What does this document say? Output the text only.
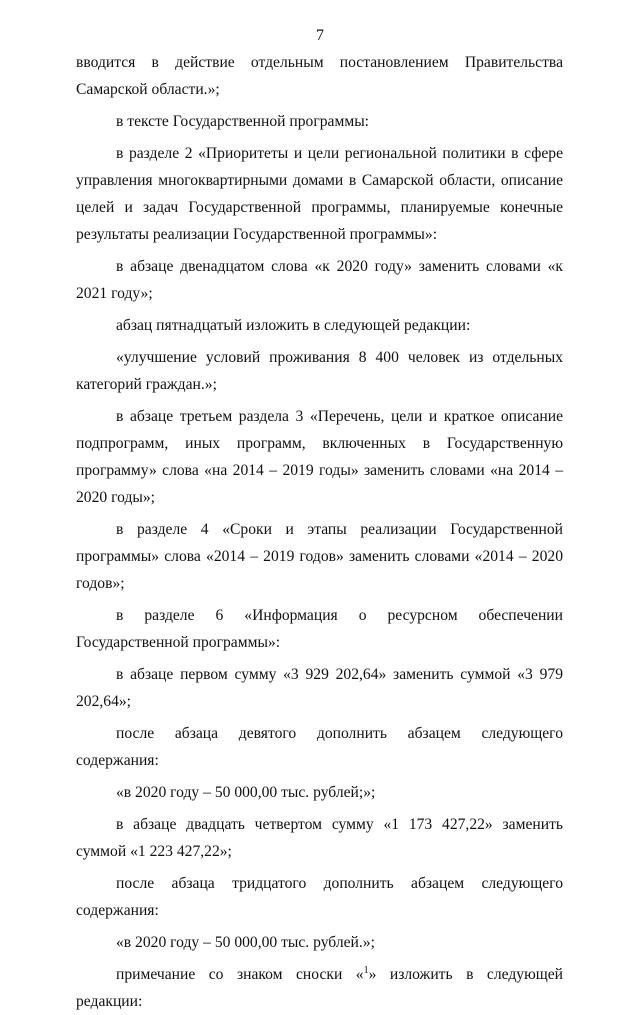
7

вводится в действие отдельным постановлением Правительства Самарской области.»;

в тексте Государственной программы:

в разделе 2 «Приоритеты и цели региональной политики в сфере управления многоквартирными домами в Самарской области, описание целей и задач Государственной программы, планируемые конечные результаты реализации Государственной программы»:

в абзаце двенадцатом слова «к 2020 году» заменить словами «к 2021 году»;

абзац пятнадцатый изложить в следующей редакции:

«улучшение условий проживания 8 400 человек из отдельных категорий граждан.»;

в абзаце третьем раздела 3 «Перечень, цели и краткое описание подпрограмм, иных программ, включенных в Государственную программу» слова «на 2014 – 2019 годы» заменить словами «на 2014 – 2020 годы»;

в разделе 4 «Сроки и этапы реализации Государственной программы» слова «2014 – 2019 годов» заменить словами «2014 – 2020 годов»;

в разделе 6 «Информация о ресурсном обеспечении Государственной программы»:

в абзаце первом сумму «3 929 202,64» заменить суммой «3 979 202,64»;

после абзаца девятого дополнить абзацем следующего содержания:

«в 2020 году – 50 000,00 тыс. рублей;»;

в абзаце двадцать четвертом сумму «1 173 427,22» заменить суммой «1 223 427,22»;

после абзаца тридцатого дополнить абзацем следующего содержания:

«в 2020 году – 50 000,00 тыс. рублей.»;

примечание со знаком сноски «$^1$» изложить в следующей редакции:
